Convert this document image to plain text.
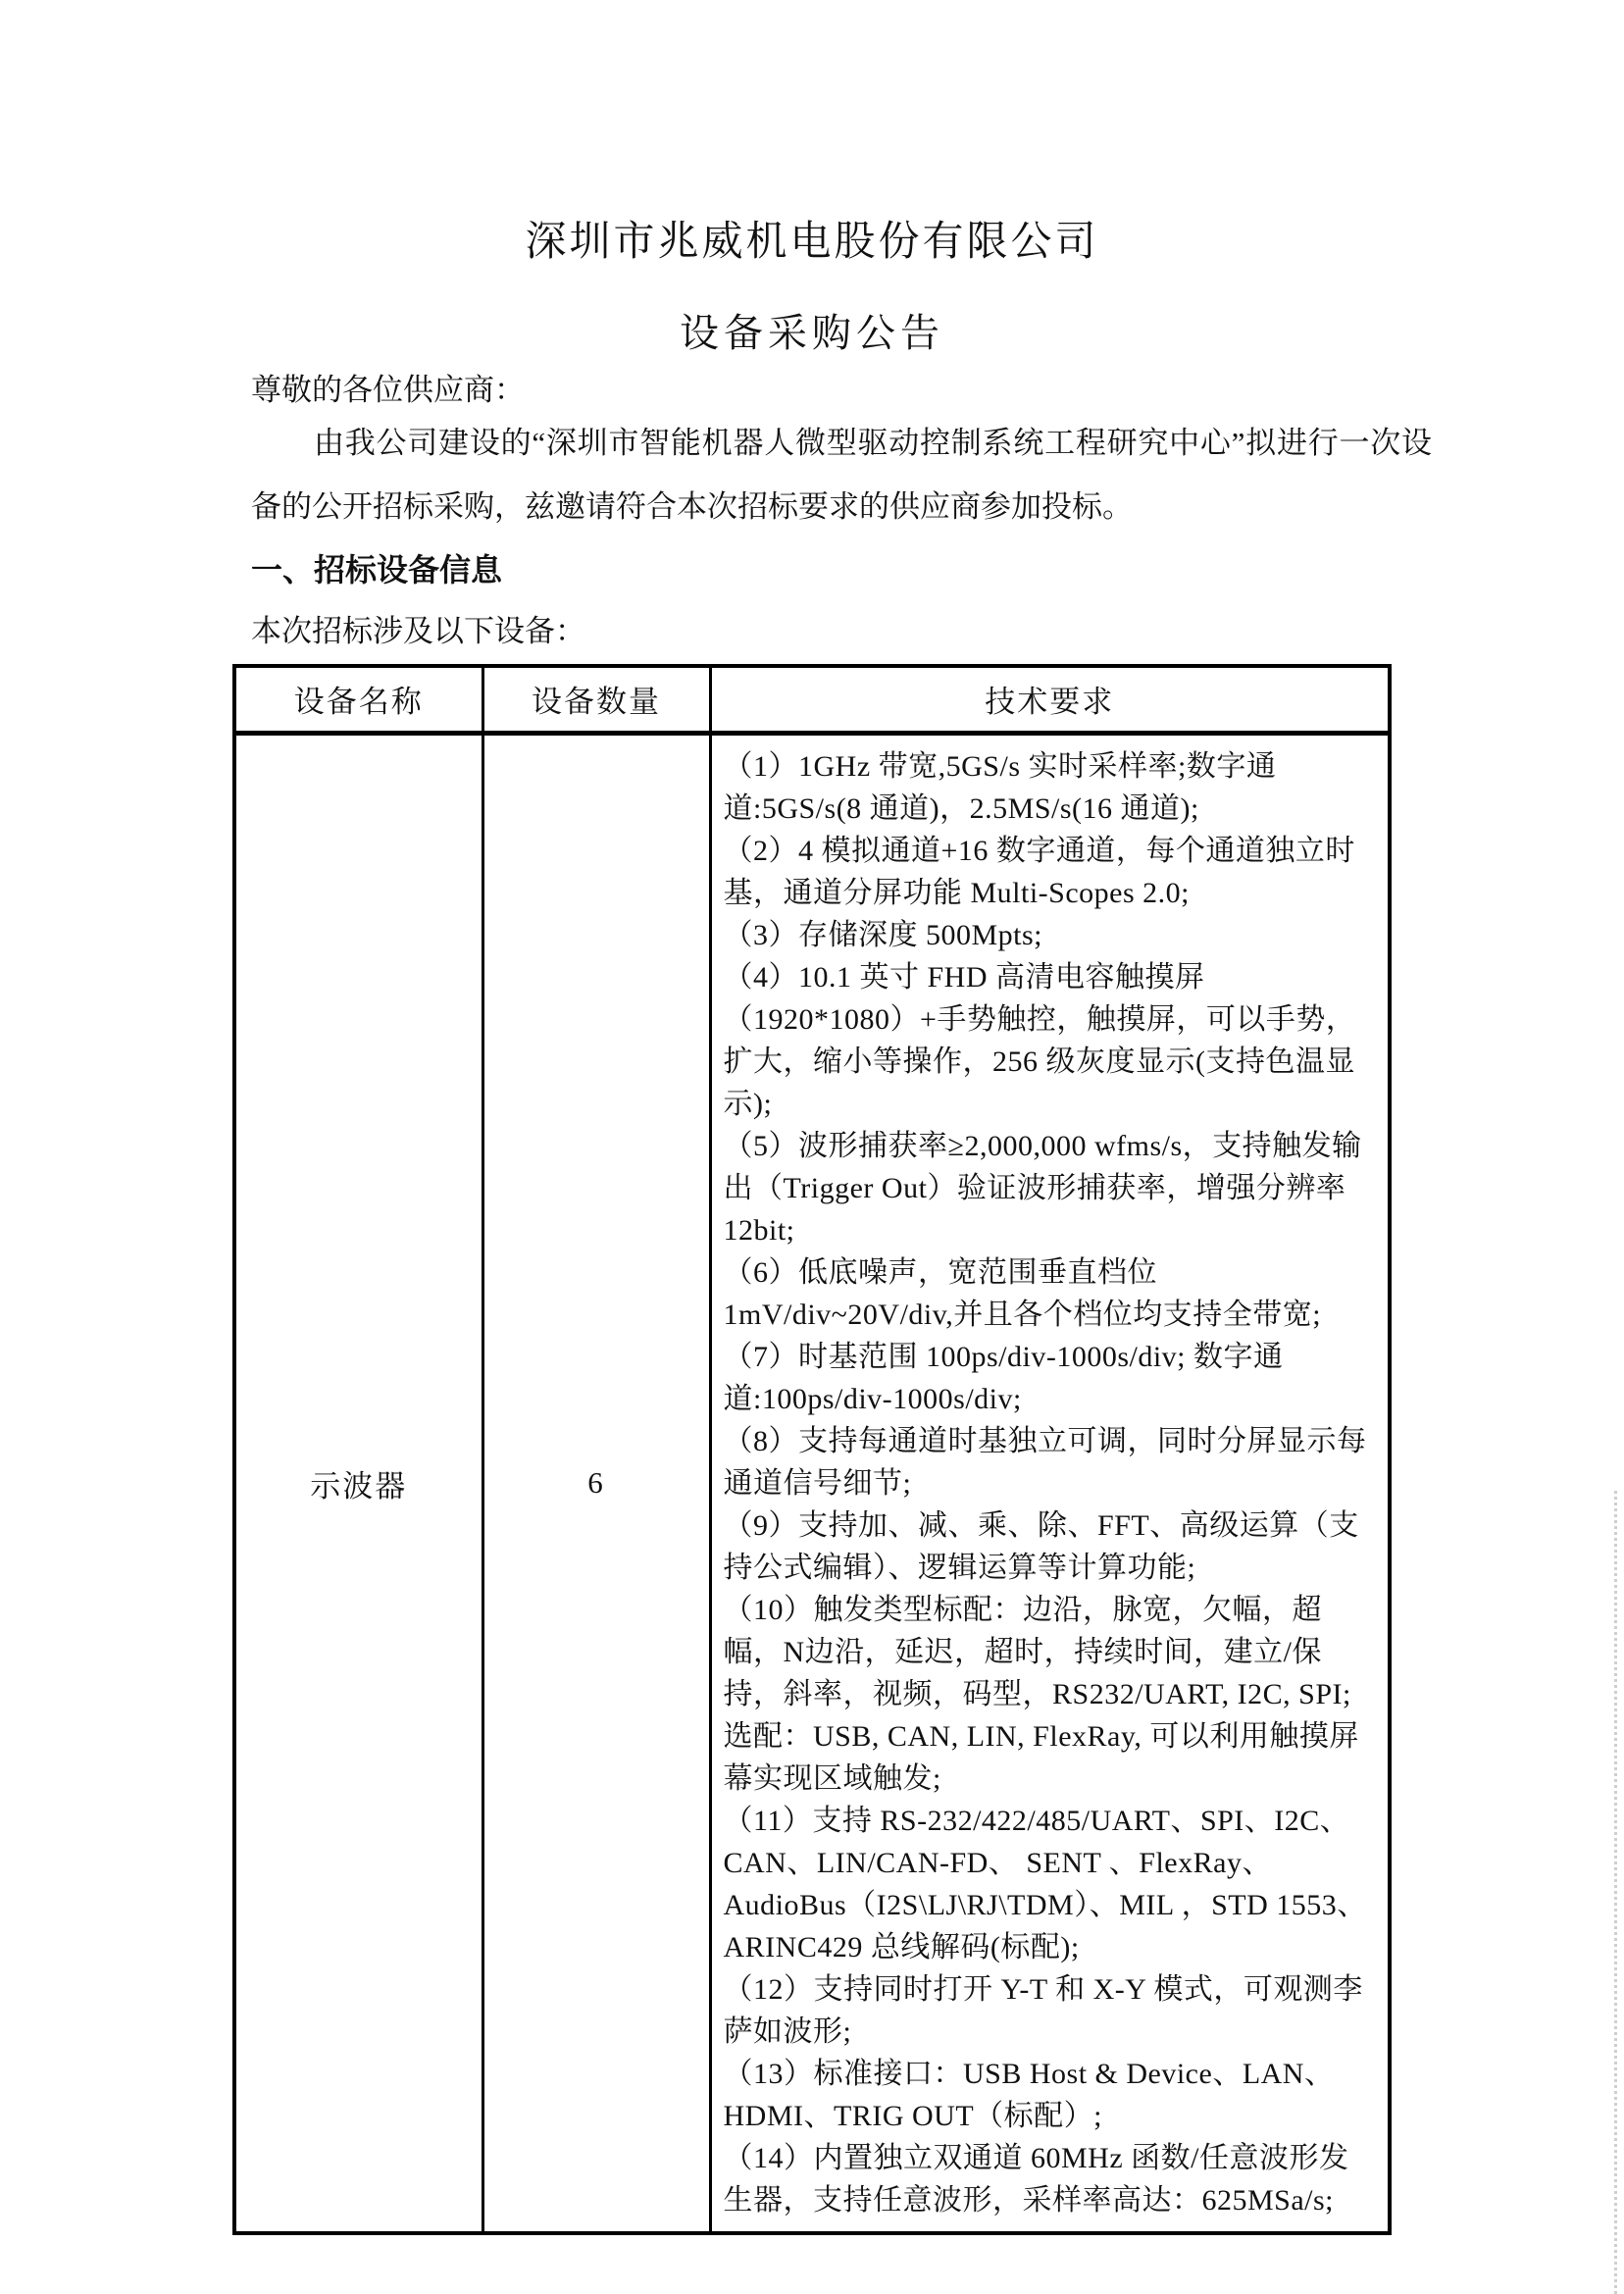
深圳市兆威机电股份有限公司
设备采购公告

尊敬的各位供应商：

由我公司建设的“深圳市智能机器人微型驱动控制系统工程研究中心”拟进行一次设备的公开招标采购，兹邀请符合本次招标要求的供应商参加投标。

一、招标设备信息

本次招标涉及以下设备：

设备名称	设备数量	技术要求
示波器	6	

（1）1GHz 带宽,5GS/s 实时采样率;数字通道:5GS/s(8 通道)，2.5MS/s(16 通道);

（2）4 模拟通道+16 数字通道，每个通道独立时基，通道分屏功能 Multi-Scopes 2.0;

（3）存储深度 500Mpts;

（4）10.1 英寸 FHD 高清电容触摸屏（1920*1080）+手势触控，触摸屏，可以手势，扩大，缩小等操作，256 级灰度显示(支持色温显示);

（5）波形捕获率≥2,000,000 wfms/s，支持触发输出（Trigger Out）验证波形捕获率，增强分辨率 12bit;

（6）低底噪声，宽范围垂直档位 1mV/div~20V/div,并且各个档位均支持全带宽;

（7）时基范围 100ps/div-1000s/div; 数字通道:100ps/div-1000s/div;

（8）支持每通道时基独立可调，同时分屏显示每通道信号细节;

（9）支持加、减、乘、除、FFT、高级运算（支持公式编辑）、逻辑运算等计算功能;

（10）触发类型标配：边沿，脉宽，欠幅，超幅，N边沿，延迟，超时，持续时间，建立/保持，斜率，视频，码型，RS232/UART, I2C, SPI; 选配：USB, CAN, LIN, FlexRay, 可以利用触摸屏幕实现区域触发;

（11）支持 RS-232/422/485/UART、SPI、I2C、CAN、LIN/CAN-FD、 SENT 、FlexRay、AudioBus（I2S\LJ\RJ\TDM）、MIL ，STD 1553、ARINC429 总线解码(标配);

（12）支持同时打开 Y-T 和 X-Y 模式，可观测李萨如波形;

（13）标准接口：USB Host & Device、LAN、HDMI、TRIG OUT（标配）;

（14）内置独立双通道 60MHz 函数/任意波形发生器，支持任意波形，采样率高达：625MSa/s;
